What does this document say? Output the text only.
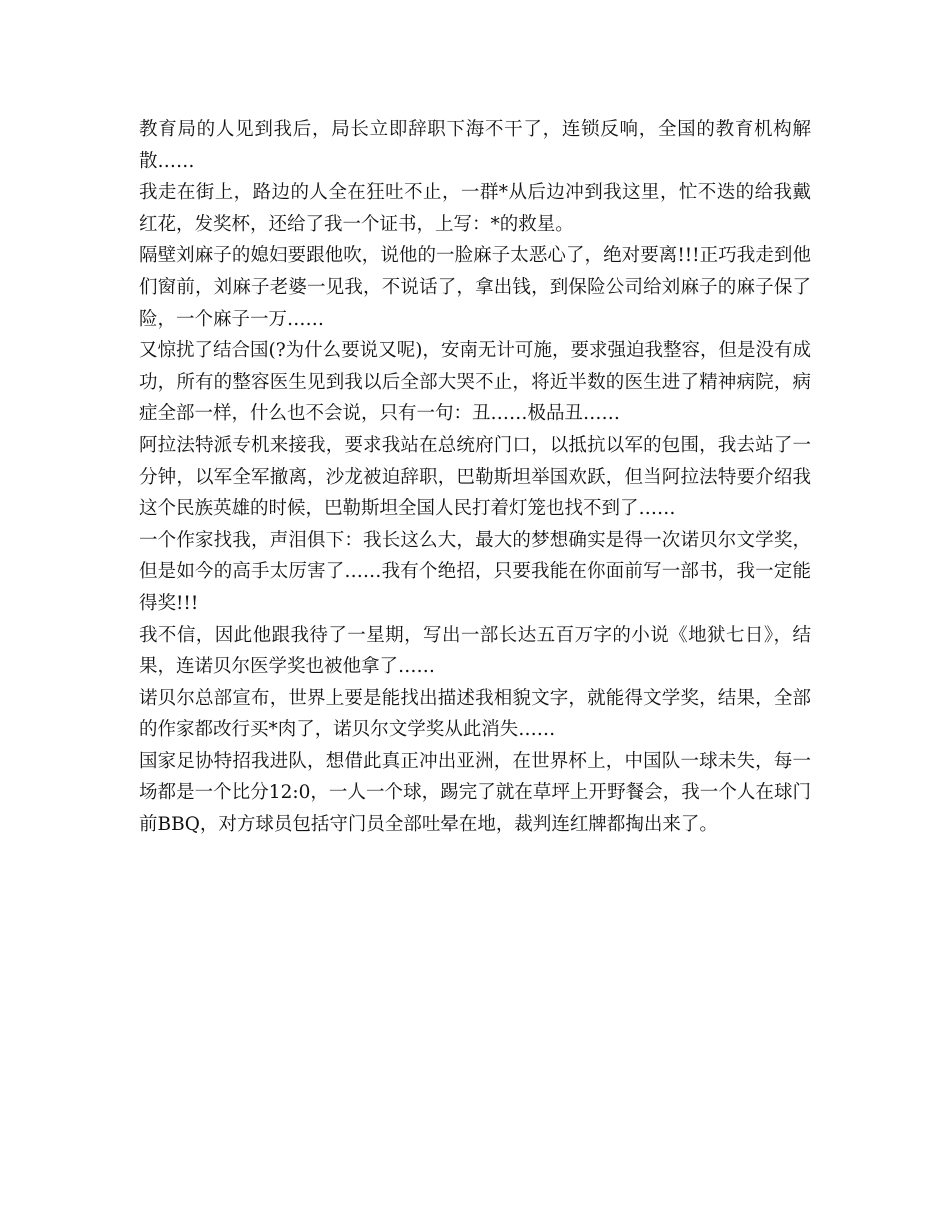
教育局的人见到我后，局长立即辞职下海不干了，连锁反响，全国的教育机构解散……

我走在街上，路边的人全在狂吐不止，一群*从后边冲到我这里，忙不迭的给我戴红花，发奖杯，还给了我一个证书，上写：*的救星。

隔壁刘麻子的媳妇要跟他吹，说他的一脸麻子太恶心了，绝对要离!!!正巧我走到他们窗前，刘麻子老婆一见我，不说话了，拿出钱，到保险公司给刘麻子的麻子保了险，一个麻子一万……

又惊扰了结合国(?为什么要说又呢)，安南无计可施，要求强迫我整容，但是没有成功，所有的整容医生见到我以后全部大哭不止，将近半数的医生进了精神病院，病症全部一样，什么也不会说，只有一句：丑……极品丑……

阿拉法特派专机来接我，要求我站在总统府门口，以抵抗以军的包围，我去站了一分钟，以军全军撤离，沙龙被迫辞职，巴勒斯坦举国欢跃，但当阿拉法特要介绍我这个民族英雄的时候，巴勒斯坦全国人民打着灯笼也找不到了……

一个作家找我，声泪俱下：我长这么大，最大的梦想确实是得一次诺贝尔文学奖，但是如今的高手太厉害了……我有个绝招，只要我能在你面前写一部书，我一定能得奖!!!

我不信，因此他跟我待了一星期，写出一部长达五百万字的小说《地狱七日》，结果，连诺贝尔医学奖也被他拿了……

诺贝尔总部宣布，世界上要是能找出描述我相貌文字，就能得文学奖，结果，全部的作家都改行买*肉了，诺贝尔文学奖从此消失……

国家足协特招我进队，想借此真正冲出亚洲，在世界杯上，中国队一球未失，每一场都是一个比分12:0，一人一个球，踢完了就在草坪上开野餐会，我一个人在球门前BBQ，对方球员包括守门员全部吐晕在地，裁判连红牌都掏出来了。
